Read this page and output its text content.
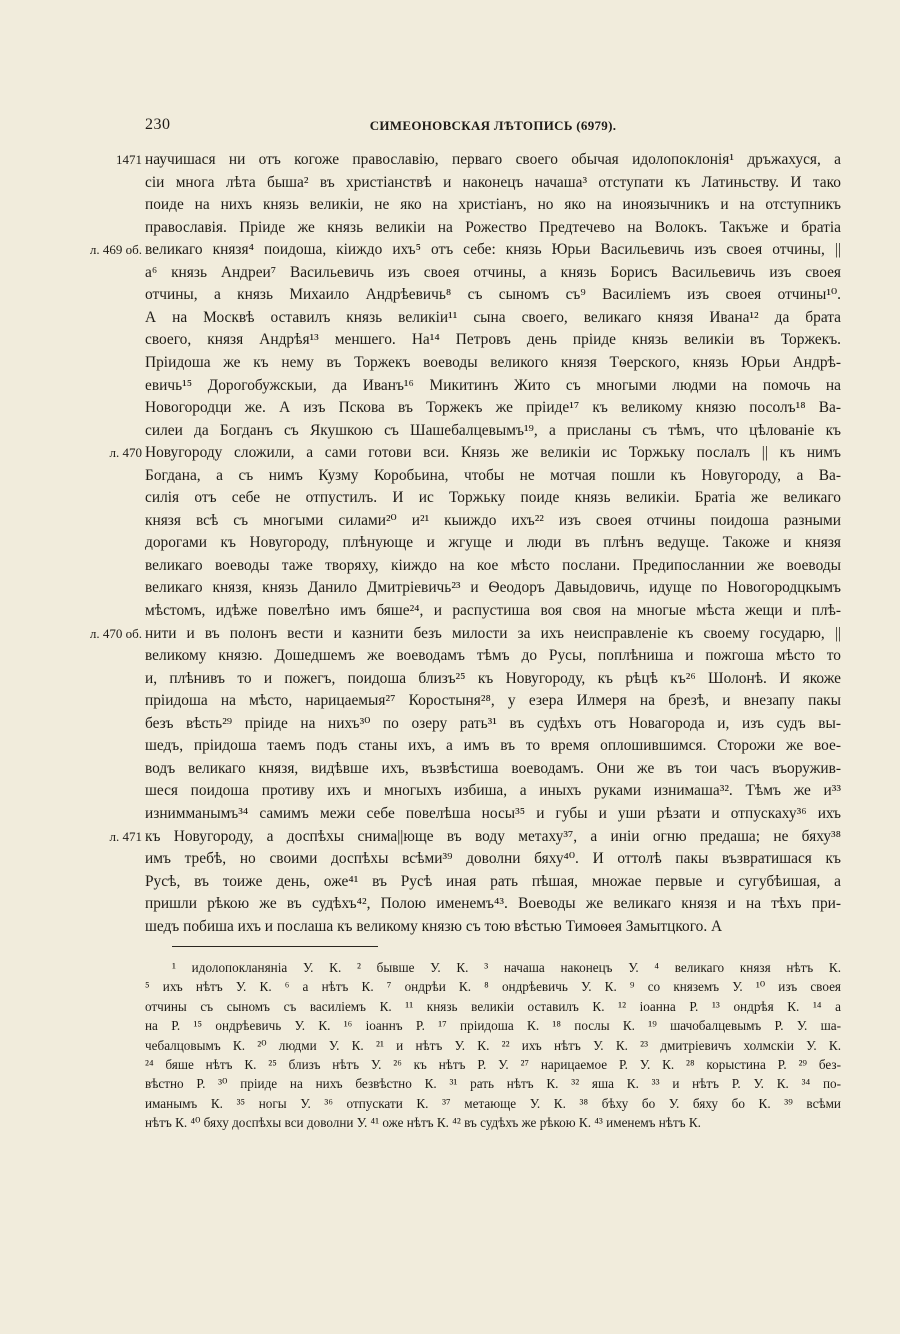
230	СИМЕОНОВСКАЯ ЛѢТОПИСЬ (6979).
научишася ни отъ когоже православію, перваго своего обычая идолопоклонія¹ дръжахуся, а
сіи многа лѣта быша² въ христіанствѣ и наконецъ начаша³ отступати къ Латиньству. И тако
поиде на нихъ князь великіи, не яко на христіанъ, но яко на иноязычникъ и на отступникъ
православія. Прiиде же князь великіи на Рожество Предтечево на Волокъ. Такъже и братіа
великаго князя⁴ поидоша, кіиждо ихъ⁵ отъ себе: князь Юрьи Васильевичь изъ своея отчины, ||
а⁶ князь Андреи⁷ Васильевичь изъ своея отчины, а князь Борисъ Васильевичь изъ своея
отчины, а князь Михаило Андрѣевичь⁸ съ сыномъ съ⁹ Василіемъ изъ своея отчины¹⁰.
А на Москвѣ оставилъ князь великіи¹¹ сына своего, великаго князя Ивана¹² да брата
своего, князя Андрѣя¹³ меншего. На¹⁴ Петровъ день прiиде князь великіи въ Торжекъ.
Прiидоша же къ нему въ Торжекъ воеводы великого князя Тѳерского, князь Юрьи Андрѣ-
евичь¹⁵ Дорогобужскыи, да Иванъ¹⁶ Микитинъ Жито съ многыми людми на помочь на
Новогородци же. А изъ Пскова въ Торжекъ же прiиде¹⁷ къ великому князю посолъ¹⁸ Ва-
силеи да Богданъ съ Якушкою съ Шашебалцевымъ¹⁹, а присланы съ тѣмъ, что цѣлованіе къ
Новугороду сложили, а сами готови вси. Князь же великіи ис Торжьку послалъ || къ нимъ
Богдана, а съ нимъ Кузму Коробьина, чтобы не мотчая пошли къ Новугороду, а Ва-
силія отъ себе не отпустилъ. И ис Торжьку поиде князь великіи. Братіа же великаго
князя всѣ съ многыми силами²⁰ и²¹ кыиждо ихъ²² изъ своея отчины поидоша разными
дорогами къ Новугороду, плѣнующе и жгуще и люди въ плѣнъ ведуще. Такоже и князя
великаго воеводы таже творяху, кіиждо на кое мѣсто послани. Предипосланнии же воеводы
великаго князя, князь Данило Дмитріевичь²³ и Ѳеодоръ Давыдовичь, идуще по Новогородцкымъ
мѣстомъ, идѣже повелѣно имъ бяше²⁴, и распустиша воя своя на многые мѣста жещи и плѣ-
нити и въ полонъ вести и казнити безъ милости за ихъ неисправленіе къ своему государю, ||
великому князю. Дошедшемъ же воеводамъ тѣмъ до Русы, поплѣниша и пожгоша мѣсто то
и, плѣнивъ то и пожегъ, поидоша близъ²⁵ къ Новугороду, къ рѣцѣ къ²⁶ Шолонѣ. И якоже
прiидоша на мѣсто, нарицаемыя²⁷ Коростыня²⁸, у езера Илмеря на брезѣ, и внезапу пакы
безъ вѣсть²⁹ прiиде на нихъ³⁰ по озеру рать³¹ въ судѣхъ отъ Новагорода и, изъ судъ вы-
шедъ, прiидоша таемъ подъ станы ихъ, а имъ въ то время оплошившимся. Сторожи же вое-
водъ великаго князя, видѣвше ихъ, възвѣстиша воеводамъ. Они же въ тои часъ въоружив-
шеся поидоша противу ихъ и многыхъ избиша, а иныхъ руками изнимаша³². Тѣмъ же и³³
изнимманымъ³⁴ самимъ межи себе повелѣша носы³⁵ и губы и уши рѣзати и отпускаху³⁶ ихъ
къ Новугороду, а доспѣхы снима||юще въ воду метаху³⁷, а иніи огню предаша; не бяху³⁸
имъ требѣ, но своими доспѣхы всѣми³⁹ доволни бяху⁴⁰. И оттолѣ пакы възвратишася къ
Русѣ, въ тоиже день, оже⁴¹ въ Русѣ иная рать пѣшая, множае первые и сугубѣишая, а
пришли рѣкою же въ судѣхъ⁴², Полою именемъ⁴³. Воеводы же великаго князя и на тѣхъ при-
шедъ побиша ихъ и послаша къ великому князю съ тою вѣстью Тимоѳея Замытцкого. А
1471
л. 469 об.
л. 470
л. 470 об.
л. 471
¹ идолопокланяніа У. К. ² бывше У. К. ³ начаша наконецъ У. ⁴ великаго князя нѣтъ К.
⁵ ихъ нѣтъ У. К. ⁶ а нѣтъ К. ⁷ ондрѣи К. ⁸ ондрѣевичь У. К. ⁹ со княземъ У. ¹⁰ изъ своея
отчины съ сыномъ съ василіемъ К. ¹¹ князь великіи оставилъ К. ¹² іоанна Р. ¹³ ондрѣя К. ¹⁴ а
на Р. ¹⁵ ондрѣевичь У. К. ¹⁶ іоаннъ Р. ¹⁷ прiидоша К. ¹⁸ послы К. ¹⁹ шачобалцевымъ Р. У. ша-
чебалцовымъ К. ²⁰ людми У. К. ²¹ и нѣтъ У. К. ²² ихъ нѣтъ У. К. ²³ дмитріевичъ холмскіи У. К.
²⁴ бяше нѣтъ К. ²⁵ близъ нѣтъ У. ²⁶ къ нѣтъ Р. У. ²⁷ нарицаемое Р. У. К. ²⁸ корыстина Р. ²⁹ без-
вѣстно Р. ³⁰ прiиде на нихъ безвѣстно К. ³¹ рать нѣтъ К. ³² яша К. ³³ и нѣтъ Р. У. К. ³⁴ по-
иманымъ К. ³⁵ ногы У. ³⁶ отпускати К. ³⁷ метающе У. К. ³⁸ бѣху бо У. бяху бо К. ³⁹ всѣми
нѣтъ К. ⁴⁰ бяху доспѣхы вси доволни У. ⁴¹ оже нѣтъ К. ⁴² въ судѣхъ же рѣкою К. ⁴³ именемъ нѣтъ К.
